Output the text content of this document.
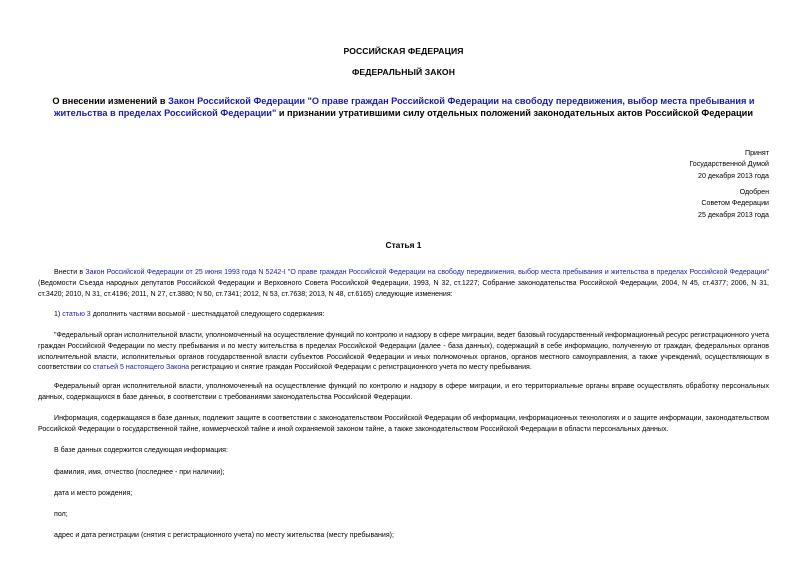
РОССИЙСКАЯ ФЕДЕРАЦИЯ
ФЕДЕРАЛЬНЫЙ ЗАКОН
О внесении изменений в Закон Российской Федерации "О праве граждан Российской Федерации на свободу передвижения, выбор места пребывания и жительства в пределах Российской Федерации" и признании утратившими силу отдельных положений законодательных актов Российской Федерации
Принят
Государственной Думой
20 декабря 2013 года
Одобрен
Советом Федерации
25 декабря 2013 года
Статья 1
Внести в Закон Российской Федерации от 25 июня 1993 года N 5242-I "О праве граждан Российской Федерации на свободу передвижения, выбор места пребывания и жительства в пределах Российской Федерации" (Ведомости Съезда народных депутатов Российской Федерации и Верховного Совета Российской Федерации, 1993, N 32, ст.1227; Собрание законодательства Российской Федерации, 2004, N 45, ст.4377; 2006, N 31, ст.3420; 2010, N 31, ст.4196; 2011, N 27, ст.3880; N 50, ст.7341; 2012, N 53, ст.7638; 2013, N 48, ст.6165) следующие изменения:
1) статью 3 дополнить частями восьмой - шестнадцатой следующего содержания:
"Федеральный орган исполнительной власти, уполномоченный на осуществление функций по контролю и надзору в сфере миграции, ведет базовый государственный информационный ресурс регистрационного учета граждан Российской Федерации по месту пребывания и по месту жительства в пределах Российской Федерации (далее - база данных), содержащий в себе информацию, полученную от граждан, федеральных органов исполнительной власти, исполнительных органов государственной власти субъектов Российской Федерации и иных полномочных органов, органов местного самоуправления, а также учреждений, осуществляющих в соответствии со статьей 5 настоящего Закона регистрацию и снятие граждан Российской Федерации с регистрационного учета по месту пребывания.
Федеральный орган исполнительной власти, уполномоченный на осуществление функций по контролю и надзору в сфере миграции, и его территориальные органы вправе осуществлять обработку персональных данных, содержащихся в базе данных, в соответствии с требованиями законодательства Российской Федерации.
Информация, содержащаяся в базе данных, подлежит защите в соответствии с законодательством Российской Федерации об информации, информационных технологиях и о защите информации, законодательством Российской Федерации о государственной тайне, коммерческой тайне и иной охраняемой законом тайне, а также законодательством Российской Федерации в области персональных данных.
В базе данных содержится следующая информация:
фамилия, имя, отчество (последнее - при наличии);
дата и место рождения;
пол;
адрес и дата регистрации (снятия с регистрационного учета) по месту жительства (месту пребывания);
